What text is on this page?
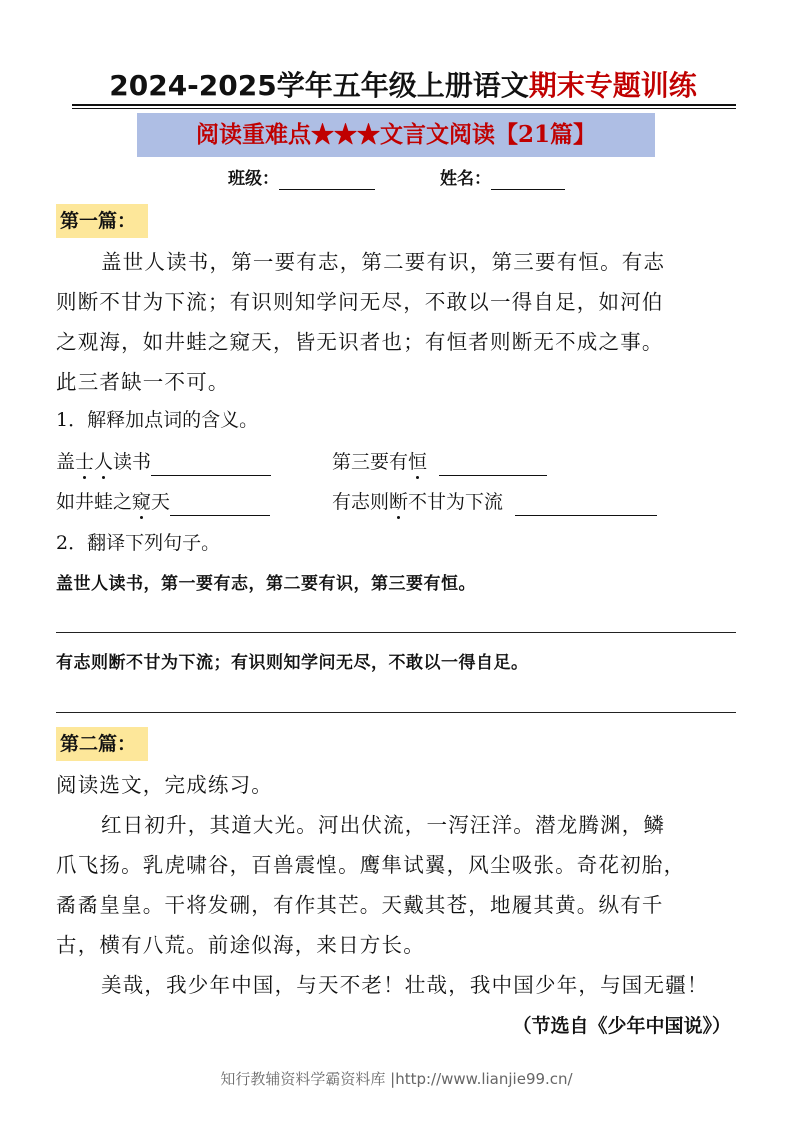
2024-2025学年五年级上册语文期末专题训练
阅读重难点★★★文言文阅读【21篇】
班级：	姓名：
第一篇：
盖世人读书，第一要有志，第二要有识，第三要有恒。有志
则断不甘为下流；有识则知学问无尽，不敢以一得自足，如河伯
之观海，如井蛙之窥天，皆无识者也；有恒者则断无不成之事。
此三者缺一不可。
1．解释加点词的含义。
盖士人读书	第三要有恒
如井蛙之窥天	有志则断不甘为下流
2．翻译下列句子。
盖世人读书，第一要有志，第二要有识，第三要有恒。
有志则断不甘为下流；有识则知学问无尽，不敢以一得自足。
第二篇：
阅读选文，完成练习。
红日初升，其道大光。河出伏流，一泻汪洋。潜龙腾渊，鳞
爪飞扬。乳虎啸谷，百兽震惶。鹰隼试翼，风尘吸张。奇花初胎，
矞矞皇皇。干将发硎，有作其芒。天戴其苍，地履其黄。纵有千
古，横有八荒。前途似海，来日方长。
美哉，我少年中国，与天不老！壮哉，我中国少年，与国无疆！
（节选自《少年中国说》）
知行教辅资料学霸资料库 |http://www.lianjie99.cn/
